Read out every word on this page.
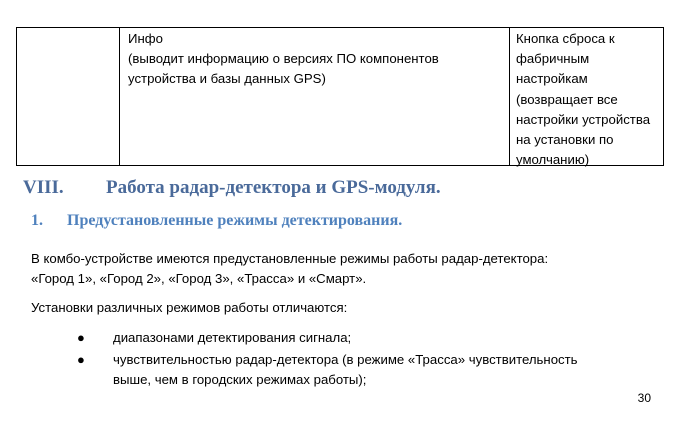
Инфо
(выводит информацию о версиях ПО компонентов
устройства и базы данных GPS)
Кнопка сброса к
фабричным
настройкам
(возвращает все
настройки устройства
на установки по
умолчанию)
VIII. Работа радар-детектора и GPS-модуля.
1. Предустановленные режимы детектирования.
В комбо-устройстве имеются предустановленные режимы работы радар-детектора:
«Город 1», «Город 2», «Город 3», «Трасса» и «Смарт».
Установки различных режимов работы отличаются:
● диапазонами детектирования сигнала;
● чувствительностью радар-детектора (в режиме «Трасса» чувствительность
выше, чем в городских режимах работы);
30
